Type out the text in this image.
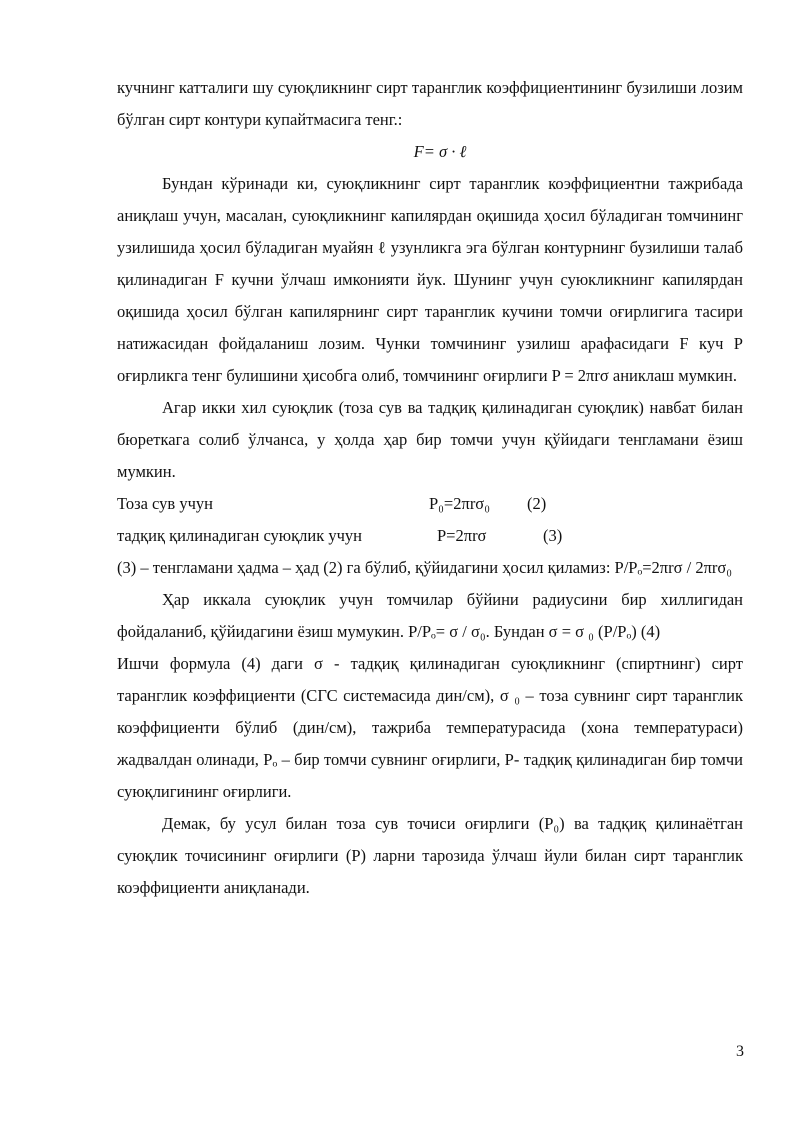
кучнинг катталиги шу суюқликнинг сирт таранглик коэффициентининг бузилиши лозим бўлган сирт контури купайтмасига тенг.:

F= σ · ℓ

Бундан кўринади ки, суюқликнинг сирт таранглик коэффициентни тажрибада аниқлаш учун, масалан, суюқликнинг капилярдан оқишида ҳосил бўладиган томчининг узилишида ҳосил бўладиган муайян ℓ узунликга эга бўлган контурнинг бузилиши талаб қилинадиган F кучни ўлчаш имконияти йук. Шунинг учун суюкликнинг капилярдан оқишида ҳосил бўлган капилярнинг сирт таранглик кучини томчи оғирлигига тасири натижасидан фойдаланиш лозим. Чунки томчининг узилиш арафасидаги F куч P оғирликга тенг булишини ҳисобга олиб, томчининг оғирлиги P = 2πrσ аниклаш мумкин.

Агар икки хил суюқлик (тоза сув ва тадқиқ қилинадиган суюқлик) навбат билан бюреткага солиб ўлчанса, у ҳолда ҳар бир томчи учун қўйидаги тенгламани ёзиш мумкин.

Тоза сув учун	P₀=2πrσ₀	(2)
тадқиқ қилинадиган суюқлик учун	P=2πrσ	(3)

(3) – тенгламани ҳадма – ҳад (2) га бўлиб, қўйидагини ҳосил қиламиз: P/Pₒ=2πrσ / 2πrσ₀

Ҳар иккала суюқлик учун томчилар бўйини радиусини бир хиллигидан фойдаланиб, қўйидагини ёзиш мумукин. P/Pₒ= σ / σ₀. Бундан σ = σ ₀ (P/Pₒ) (4)

Ишчи формула (4) даги σ - тадқиқ қилинадиган суюқликнинг (спиртнинг) сирт таранглик коэффициенти (СГС системасида дин/см), σ ₀ – тоза сувнинг сирт таранглик коэффициенти бўлиб (дин/см), тажриба температурасида (хона температураси) жадвалдан олинади, Pₒ – бир томчи сувнинг оғирлиги, P- тадқиқ қилинадиган бир томчи суюқлигининг оғирлиги.

Демак, бу усул билан тоза сув точиси оғирлиги (P₀) ва тадқиқ қилинаётган суюқлик точисининг оғирлиги (P) ларни тарозида ўлчаш йули билан сирт таранглик коэффициенти аниқланади.

3
